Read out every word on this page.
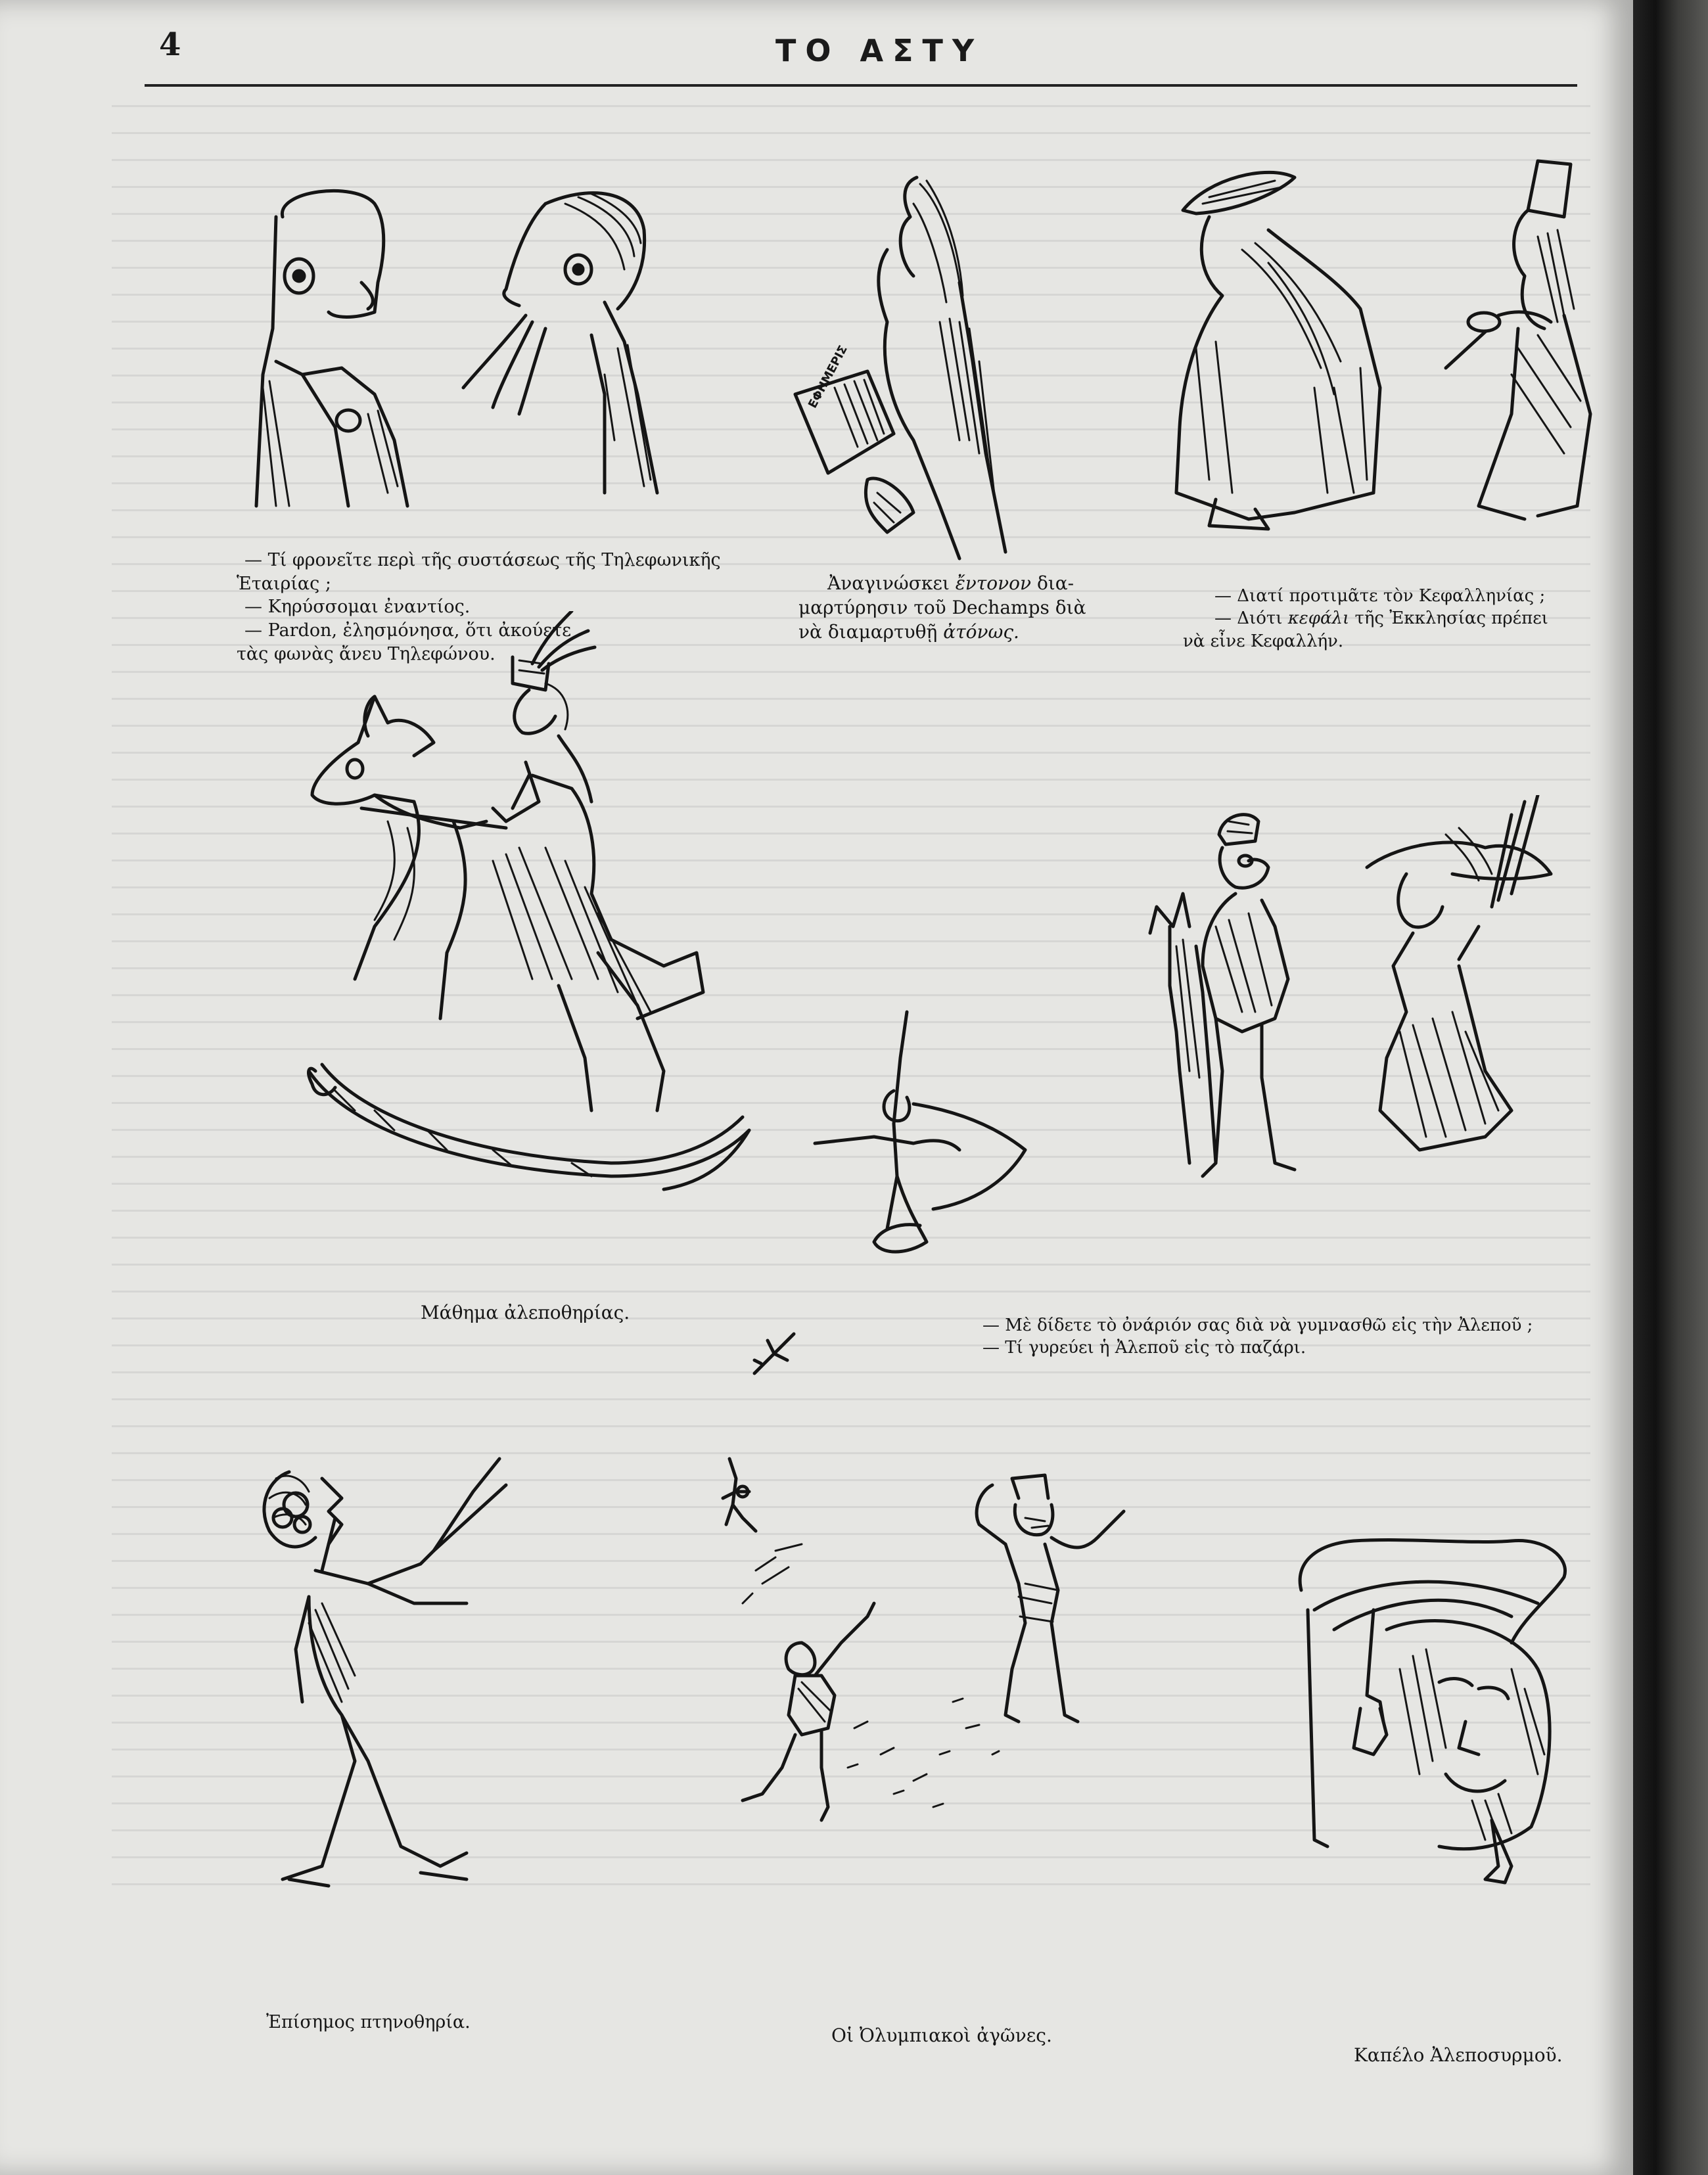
4	ΤΟ ΑΣΤΥ
— Τί φρονεῖτε περὶ τῆς συστάσεως τῆς Τηλεφωνικῆς
Ἑταιρίας ;
— Κηρύσσομαι ἐναντίος.
— Pardon, ἐλησμόνησα, ὅτι ἀκούετε
τὰς φωνὰς ἄνευ Τηλεφώνου.
ΕΦΗΜΕΡΙΣ
Ἀναγινώσκει ἔντονον δια-
μαρτύρησιν τοῦ Dechamps διὰ
νὰ διαμαρτυθῇ ἀτόνως.
— Διατί προτιμᾶτε τὸν Κεφαλληνίας ;
— Διότι κεφάλι τῆς Ἐκκλησίας πρέπει
νὰ εἶνε Κεφαλλήν.
Μάθημα ἀλεποθηρίας.
— Μὲ δίδετε τὸ ὀνάριόν σας διὰ νὰ γυμνασθῶ εἰς τὴν Ἀλεποῦ ;
— Τί γυρεύει ἡ Ἀλεποῦ εἰς τὸ παζάρι.
Ἐπίσημος πτηνοθηρία.
Οἱ Ὀλυμπιακοὶ ἀγῶνες.
Καπέλο Ἀλεποσυρμοῦ.
